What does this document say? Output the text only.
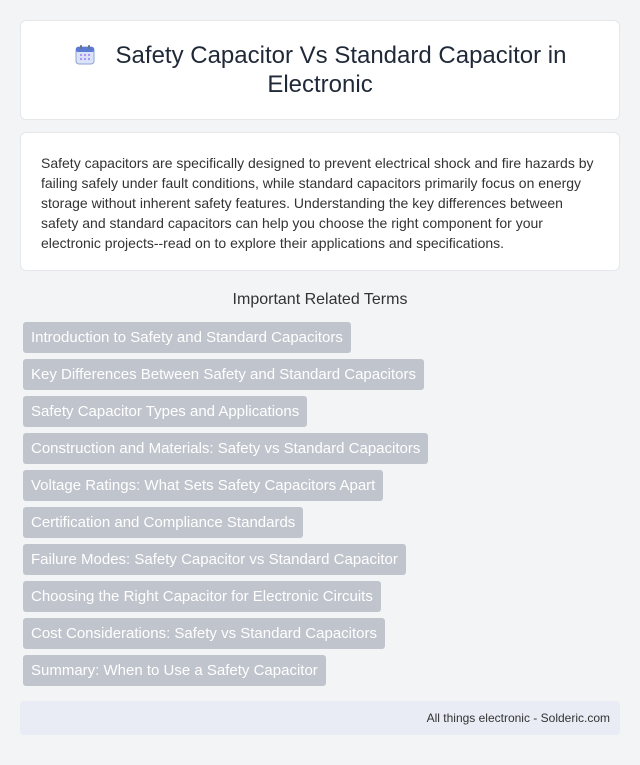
Safety Capacitor Vs Standard Capacitor in Electronic

Safety capacitors are specifically designed to prevent electrical shock and fire hazards by failing safely under fault conditions, while standard capacitors primarily focus on energy storage without inherent safety features. Understanding the key differences between safety and standard capacitors can help you choose the right component for your electronic projects--read on to explore their applications and specifications.

Important Related Terms
Introduction to Safety and Standard Capacitors
Key Differences Between Safety and Standard Capacitors
Safety Capacitor Types and Applications
Construction and Materials: Safety vs Standard Capacitors
Voltage Ratings: What Sets Safety Capacitors Apart
Certification and Compliance Standards
Failure Modes: Safety Capacitor vs Standard Capacitor
Choosing the Right Capacitor for Electronic Circuits
Cost Considerations: Safety vs Standard Capacitors
Summary: When to Use a Safety Capacitor
All things electronic - Solderic.com
